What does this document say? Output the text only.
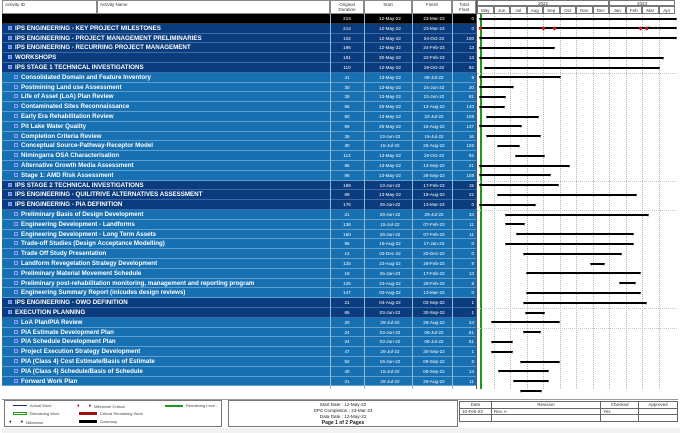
Activity ID	Activity Name	Original Duration
Start	Finish	Total Float
214	12-May-22	23-Mar-23	0
IPS ENGINEERING - KEY PROJECT MILESTONES	214	12-May-22	23-Mar-23	0
IPS ENGINEERING - PROJECT MANAGEMENT PRELIMINARIES	102	12-May-22	04-Oct-22	100
IPS ENGINEERING - RECURRING PROJECT MANAGEMENT	196	12-May-22	24-Feb-23	13
WORKSHOPS	181	30-May-22	22-Feb-23	13
IPS STAGE 1 TECHNICAL INVESTIGATIONS	110	12-May-22	19-Oct-22	92
Consolidated Domain and Feature Inventory	41	13-May-22	09-Jul-22	9
Postmining Land use Assessment	30	13-May-22	24-Jun-22	20
Life of Asset (LoA) Plan Review	28	13-May-22	22-Jun-22	81
Contaminated Sites Reconnaissance	56	25-May-22	12-Aug-22	140
Early Era Rehabilitation Review	50	13-May-22	22-Jul-22	159
Pit Lake Water Quality	59	25-May-22	16-Aug-22	137
Completion Criteria Review	26	13-Jun-22	19-Jul-22	16
Conceptual Source-Pathway-Receptor Model	30	15-Jul-22	26-Aug-22	126
Nimingarra OSA Characterisation	112	13-May-22	19-Oct-22	92
Alternative Growth Media Assessment	86	13-May-22	13-Sep-22	21
Stage 1: AMD Risk Assessment	96	13-May-22	28-Sep-22	108
IPS STAGE 2 TECHNICAL INVESTIGATIONS	169	13-Jun-22	17-Feb-23	15
IPS ENGINEERING - QUILITRIVE ALTERNATIVES ASSESSMENT	69	13-May-22	19-Aug-22	22
IPS ENGINEERING - PIA DEFINITION	175	29-Jun-22	13-Mar-23	0
Preliminary Basis of Design Development	21	29-Jun-22	29-Jul-22	33
Engineering Development - Landforms	136	15-Jul-22	07-Feb-23	11
Engineering Development - Long Term Assets	150	29-Jun-22	07-Feb-23	11
Trade-off Studies (Design Acceptance Modelling)	96	19-Aug-22	17-Jan-23	0
Trade Off Study Presentation	12	03-Dec-22	20-Dec-22	0
Landform Revegetation Strategy Development	125	23-Aug-22	28-Feb-23	8
Preliminary Material Movement Schedule	18	25-Jan-23	17-Feb-23	13
Preliminary post-rehabilitation monitoring, management and reporting program	125	23-Aug-22	28-Feb-23	8
Engineering Summary Report (inlcudes design reviews)	147	03-Aug-22	13-Mar-23	0
IPS ENGINEERING - OWO DEFINITION	21	04-Aug-22	02-Sep-22	1
EXECUTION PLANNING	65	03-Jun-22	30-Sep-22	1
LoA Plan/PIA Review	20	29-Jul-22	26-Aug-22	24
PIA Estimate Development Plan	24	03-Jun-22	06-Jul-22	61
PIA Schedule Development Plan	24	03-Jun-22	06-Jul-22	61
Project Execution Strategy Development	47	26-Jul-22	30-Sep-22	1
PIA (Class 4) Cost Estimate/Basis of Estimate	52	16-Jun-22	09-Sep-22	6
PIA (Class 4) Schedule/Basis of Schedule	40	15-Jul-22	09-Sep-22	14
Forward Work Plan	21	29-Jul-22	29-Aug-22	11
2022	2023
May	Jun	Jul	Aug	Sep	Oct	Nov	Dec	Jan	Feb	Mar	Apr
(Finalise)
Actual Work
Remaining Work
♦ ♦ Milestone
♦ ♦ Milestone Critical
Critical Remaining Work
Summary
Remaining Leve...	Start Date : 12-May-22
DPS Completion : 23-Mar-23
Data Date : 12-May-22
Page 1 of 2 Pages
Date	Revision	Checked	Approved
10-Feb-23	Rev. A	Yes	
